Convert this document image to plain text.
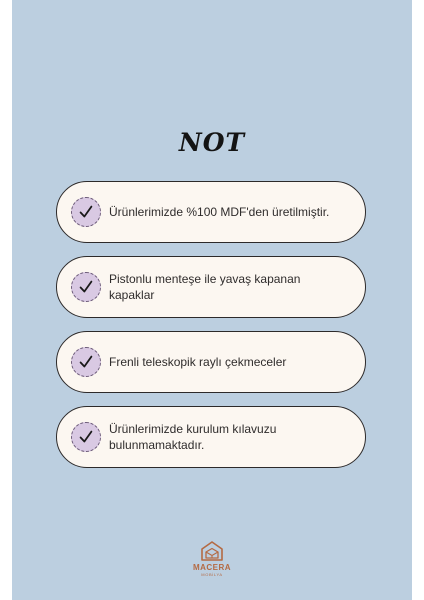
NOT
Ürünlerimizde %100 MDF'den üretilmiştir.
Pistonlu menteşe ile yavaş kapanan kapaklar
Frenli teleskopik raylı çekmeceler
Ürünlerimizde kurulum kılavuzu bulunmamaktadır.
MACERA
MOBİLYA
